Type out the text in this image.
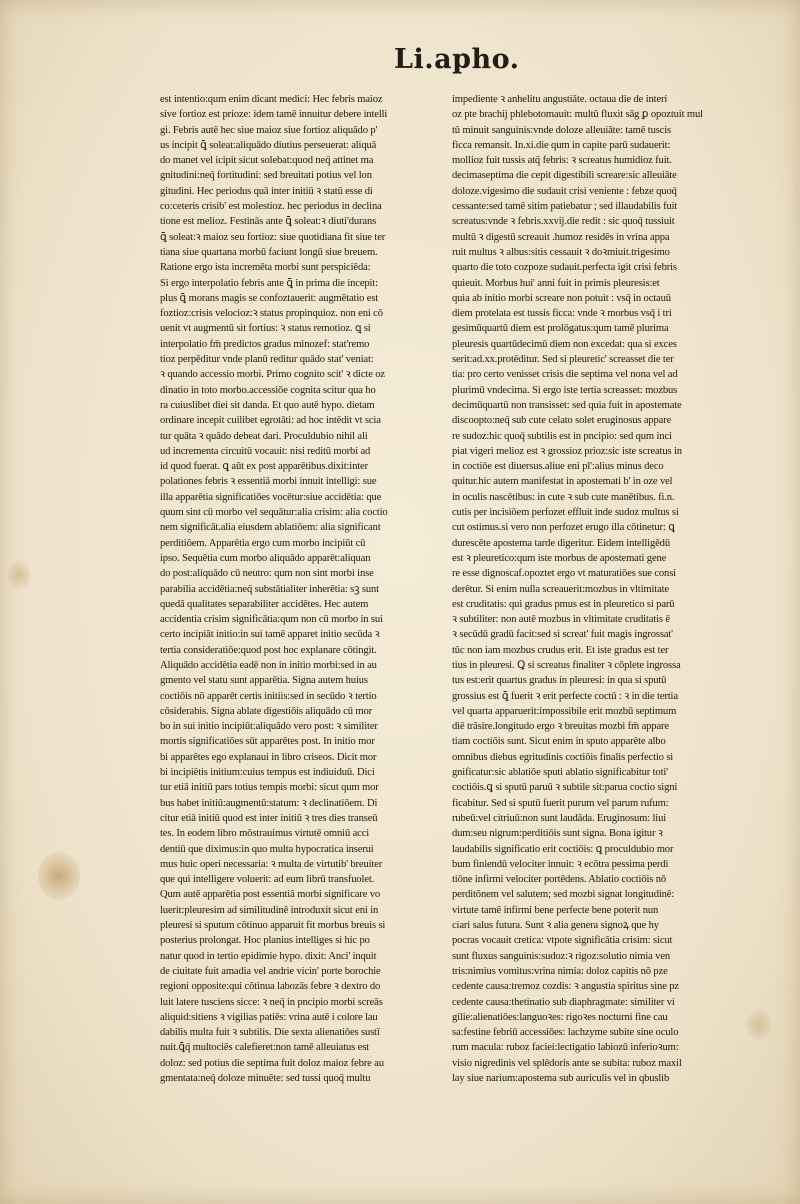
Li.apho.
est intentio:qum enim dicant medici: Hec febris maioz
sive fortioz est prioze: idem tamē innuitur debere intelli
gi. Febris autē hec siue maioz siue fortioz aliquādo p'
us incipit ꝗ̄ soleat:aliquādo diutius perseuerat: aliquā
do manet vel icipit sicut solebat:quod neq̄ attinet ma
gnitudini:neq̄ fortitudini: sed breuitati potius vel lon
gitudini. Hec periodus quā inter initiū ꝛ statū esse di
co:ceteris crisib' est molestioz. hec periodus in declina
tione est melioz. Festinās ante ꝗ̄ soleat:ꝛ diuti'durans
ꝗ̄ soleat:ꝛ maioz seu fortioz: siue quotidiana fit siue ter
tiana siue quartana morbū faciunt longū siue breuem.
Ratione ergo ista incremēta morbi sunt perspiciēda:
Si ergo interpolatio febris ante ꝗ̄ in prima die incepit:
plus ꝗ̄ morans magis se confoztauerit: augmētatio est
foztioz:crisis velocioz:ꝛ status propinquioz. non eni cō
uenit vt augmentū sit fortius: ꝛ status remotioz. ꝗ si
interpolatio fm̄ predictos gradus minozef: stat'remo
tioz perpēditur vnde planū reditur quādo stat' veniat:
ꝛ quando accessio morbi. Primo cognito scit' ꝛ dicte oz
dinatio in toto morbo.accessiōe cognita scitur qua ho
ra cuiuslibet diei sit danda. Et quo autē hypo. dietam
ordinare incepit cuilibet egrotāti: ad hoc intēdit vt scia
tur quāta ꝛ quādo debeat dari. Proculdubio nihil ali
ud incrementa circuitū vocauit: nisi reditū morbi ad
id quod fuerat. ꝗ aūt ex post apparētibus.dixit:inter
polationes febris ꝛ essentiā morbi innuit intelligi: sue
illa apparētia significatiōes vocētur:siue accidētia: que
quum sint cū morbo vel sequātur:alia crisim: alia coctio
nem significāt.alia eiusdem ablatiōem: alia significant
perditiōem. Apparētia ergo cum morbo incipiūt cū
ipso. Sequētia cum morbo aliquādo apparēt:aliquan
do post:aliquādo cū neutro: qum non sint morbi inse
parabilia accidētia:neq̄ substātialiter inherētia: sꝫ sunt
quedā qualitates separabiliter accidētes. Hec autem
accidentia crisim significātia:qum non cū morbo in sui
certo incipiāt initio:in sui tamē apparet initio secūda ꝛ
tertia consideratiōe:quod post hoc explanare cōtingit.
Aliquādo accidētia eadē non in initio morbi:sed in au
gmento vel statu sunt apparētia. Signa autem huius
coctiōis nō apparēt certis initiis:sed in secūdo ꝛ tertio
cōsiderabis. Signa ablate digestiōis aliquādo cū mor
bo in sui initio incipiūt:aliquādo vero post: ꝛ similiter
mortis significatiōes sūt apparētes post. In initio mor
bi apparētes ego explanaui in libro criseos. Dicit mor
bi incipiētis initium:cuius tempus est indiuiduū. Dici
tur etiā initiū pars totius tempis morbi: sicut qum mor
bus habet initiū:augmentū:statum: ꝛ declinatiōem. Di
citur etiā initiū quod est inter initiū ꝛ tres dies transeū
tes. In eodem libro mōstrauimus virtutē omniū acci
dentiū que diximus:in quo multa hypocratica inserui
mus huic operi necessaria: ꝛ multa de virtutib' breuiter
que qui intelligere voluerit: ad eum librū transfuolet.
Qum autē apparētia post essentiā morbi significare vo
luerit:pleuresim ad similitudinē introduxit sicut eni in
pleuresi si sputum cōtinuo apparuit fit morbus breuis si
posterius prolongat. Hoc planius intelliges si hic po
natur quod in tertio epidimie hypo. dixit: Anci' inquit
de ciuitate fuit amadia vel andrie vicin' porte borochie
regioni opposite:qui cōtinua labozās febre ꝛ dextro do
luit latere tusciens sicce: ꝛ neq̄ in pncipio morbi screās
aliquid:sitiens ꝛ vigilias patiēs: vrina autē i colore lau
dabilis multa fuit ꝛ subtilis. Die sexta alienatiōes sustī
nuit.ꝗ̄q̄ multociēs calefieret:non tamē alleuiatus est
doloz: sed potius die septima fuit doloz maioz febre au
gmentata:neq̄ doloze minuēte: sed tussi quoq̄ multu
impediente ꝛ anhelitu angustiāte. octaua die de interi
oz pte brachij phlebotomauit: multū fluxit sāg ꝑ opoztuit mul
tū minuit sanguinis:vnde doloze alleuiāte: tamē tuscis
ficca remansit. In.xi.die qum in capite parū sudauerit:
mollioz fuit tussis atq̄ febris: ꝛ screatus humidioz fuit.
decimaseptima die cepit digestibili screare:sic alleuiāte
doloze.vigesimo die sudauit crisi veniente : febze quoq̄
cessante:sed tamē sitim patiebatur ; sed illaudabilis fuit
screatus:vnde ꝛ febris.xxvij.die redit : sic quoq̄ tussiuit
multū ꝛ digestū screauit .humoz residēs in vrina appa
ruit multus ꝛ albus:sitis cessauit ꝛ doꝛmiuit.trigesimo
quarto die toto cozpoze sudauit.perfecta igit crisi febris
quieuit. Morbus hui' anni fuit in primis pleuresis:et
quia ab initio morbi screare non potuit : vsq̄ in octauū
diem protelata est tussis ficca: vnde ꝛ morbus vsq̄ i tri
gesimūquartū diem est prolōgatus:qum tamē plurima
pleuresis quartūdecimū diem non excedat: qua si exces
serit:ad.xx.protēditur. Sed si pleuretic' screasset die ter
tia: pro certo venisset crisis die septima vel nona vel ad
plurimū vndecima. Si ergo iste tertia screasset: mozbus
decimūquartū non transisset: sed quia fuit in apostemate
discoopto:neq̄ sub cute celato solet eruginosus appare
re sudoz:hic quoq̄ subtilis est in pncipio: sed qum inci
piat vigeri melioz est ꝛ grossioz prioz:sic iste screatus in
in coctiōe est diuersus.aliue eni pl':alius minus deco
quitur.hic autem manifestat in apostemati b' in oze vel
in oculis nascētibus: in cute ꝛ sub cute manētibus. fi.n.
cutis per incisiōem perfozet effluit inde sudoz multus si
cut ostimus.si vero non perfozet erugo illa cōtinetur: ꝗ
durescēte apostema tarde digeritur. Eidem intelligēdū
est ꝛ pleuretico:qum iste morbus de apostemati gene
re esse dignoscaf.opoztet ergo vt maturatiōes sue consi
derētur. Si enim nulla screauerit:mozbus in vltimitate
est cruditatis: qui gradus pmus est in pleuretico si parū
ꝛ subtiliter: non autē mozbus in vltimitate cruditatis ē
ꝛ secūdū gradū facit:sed si screat' fuit magis ingrossat'
tūc non iam mozbus crudus erit. Et iste gradus est ter
tius in pleuresi. Ꝗ si screatus finaliter ꝛ cōplete ingrossa
tus est:erit quartus gradus in pleuresi: in qua si sputū
grossius est ꝗ̄ fuerit ꝛ erit perfecte coctū : ꝛ in die tertia
vel quarta apparuerit:impossibile erit mozbū septimum
diē trāsire.longitudo ergo ꝛ breuitas mozbi fm̄ appare
tiam coctiōis sunt. Sicut enim in sputo apparēte albo
omnibus diebus egritudinis coctiōis finalis perfectio si
gnificatur:sic ablatiōe sputi ablatio significabitur toti'
coctiōis.ꝗ si sputū paruū ꝛ subtile sit:parua coctio signi
ficabitur. Sed si sputū fuerit purum vel parum rufum:
rubeū:vel citriuū:non sunt laudāda. Eruginosum: liui
dum:seu nigrum:perditiōis sunt signa. Bona igitur ꝛ
laudabilis significatio erit coctiōis: ꝗ proculdubio mor
bum finiendū velociter innuit: ꝛ ecōtra pessima perdi
tiōne infirmi velociter portēdens. Ablatio coctiōis nō
perditōnem vel salutem; sed mozbi signat longitudinē:
virtute tamē infirmi bene perfecte bene poterit nun
ciari salus futura. Sunt ꝛ alia genera signoꝝ que hy
pocras vocauit cretica: vtpote significātia crisim: sicut
sunt fluxus sanguinis:sudoz:ꝛ rigoz:solutio nimia ven
tris:nimius vomitus:vrina nimia: doloz capitis nō pze
cedente causa:tremoz cozdis: ꝛ angustia spiritus sine pz
cedente causa:thetinatio sub diaphragmate: similiter vi
gilie:alienatiōes:languoꝛes: rigoꝛes nocturni fine cau
sa:festine febriū accessiōes: lachzyme subite sine oculo
rum macula: ruboz faciei:lectigatio labiozū inferioꝛum:
visio nigredinis vel splēdoris ante se subita: ruboz maxil
lay siue narium:apostema sub auriculis vel in qbuslib
